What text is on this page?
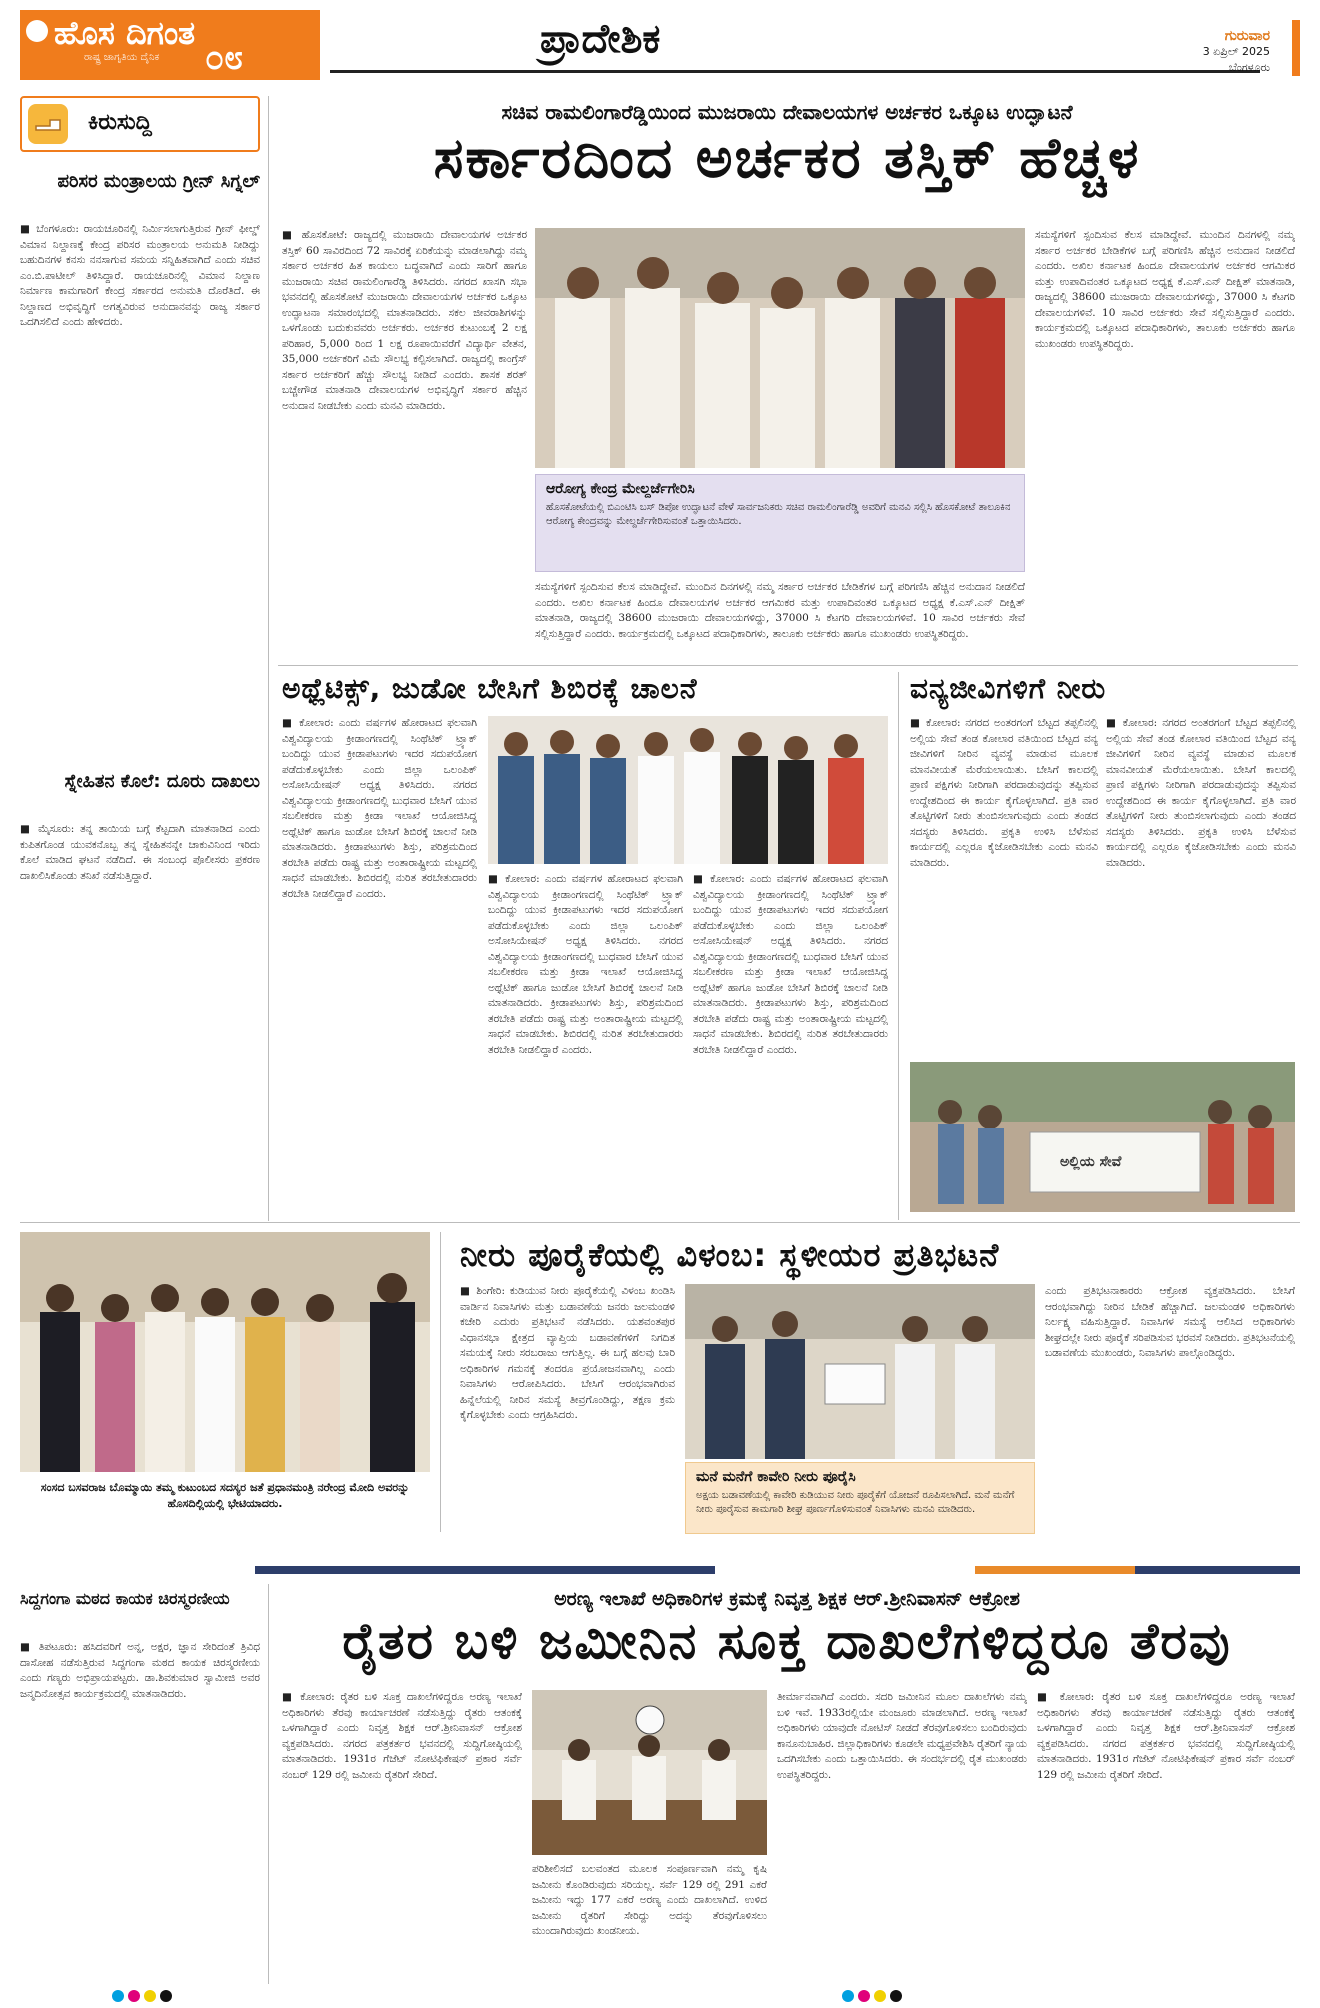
ಹೊಸ ದಿಗಂತ
ರಾಷ್ಟ್ರ ಜಾಗೃತಿಯ ದೈನಿಕ ೦೮	ಪ್ರಾದೇಶಿಕ	ಗುರುವಾರ
3 ಏಪ್ರಿಲ್ 2025
ಬೆಂಗಳೂರು
ಕಿರುಸುದ್ದಿ
ಪರಿಸರ ಮಂತ್ರಾಲಯ ಗ್ರೀನ್ ಸಿಗ್ನಲ್
■ ಬೆಂಗಳೂರು: ರಾಯಚೂರಿನಲ್ಲಿ ನಿರ್ಮಿಸಲಾಗುತ್ತಿರುವ ಗ್ರೀನ್ ಫೀಲ್ಡ್ ವಿಮಾನ ನಿಲ್ದಾಣಕ್ಕೆ ಕೇಂದ್ರ ಪರಿಸರ ಮಂತ್ರಾಲಯ ಅನುಮತಿ ನೀಡಿದ್ದು ಬಹುದಿನಗಳ ಕನಸು ನನಸಾಗುವ ಸಮಯ ಸನ್ನಿಹಿತವಾಗಿದೆ ಎಂದು ಸಚಿವ ಎಂ.ಬಿ.ಪಾಟೀಲ್ ತಿಳಿಸಿದ್ದಾರೆ. ರಾಯಚೂರಿನಲ್ಲಿ ವಿಮಾನ ನಿಲ್ದಾಣ ನಿರ್ಮಾಣ ಕಾಮಗಾರಿಗೆ ಕೇಂದ್ರ ಸರ್ಕಾರದ ಅನುಮತಿ ದೊರೆತಿದೆ. ಈ ನಿಲ್ದಾಣದ ಅಭಿವೃದ್ಧಿಗೆ ಅಗತ್ಯವಿರುವ ಅನುದಾನವನ್ನು ರಾಜ್ಯ ಸರ್ಕಾರ ಒದಗಿಸಲಿದೆ ಎಂದು ಹೇಳಿದರು.
ಸ್ನೇಹಿತನ ಕೊಲೆ: ದೂರು ದಾಖಲು
■ ಮೈಸೂರು: ತನ್ನ ತಾಯಿಯ ಬಗ್ಗೆ ಕೆಟ್ಟದಾಗಿ ಮಾತನಾಡಿದ ಎಂದು ಕುಪಿತಗೊಂಡ ಯುವಕನೊಬ್ಬ ತನ್ನ ಸ್ನೇಹಿತನನ್ನೇ ಚಾಕುವಿನಿಂದ ಇರಿದು ಕೊಲೆ ಮಾಡಿದ ಘಟನೆ ನಡೆದಿದೆ. ಈ ಸಂಬಂಧ ಪೊಲೀಸರು ಪ್ರಕರಣ ದಾಖಲಿಸಿಕೊಂಡು ತನಿಖೆ ನಡೆಸುತ್ತಿದ್ದಾರೆ.
ಸಚಿವ ರಾಮಲಿಂಗಾರೆಡ್ಡಿಯಿಂದ ಮುಜರಾಯಿ ದೇವಾಲಯಗಳ ಅರ್ಚಕರ ಒಕ್ಕೂಟ ಉದ್ಘಾಟನೆ
ಸರ್ಕಾರದಿಂದ ಅರ್ಚಕರ ತಸ್ತಿಕ್ ಹೆಚ್ಚಳ
■ ಹೊಸಕೋಟೆ: ರಾಜ್ಯದಲ್ಲಿ ಮುಜರಾಯಿ ದೇವಾಲಯಗಳ ಅರ್ಚಕರ ತಸ್ತಿಕ್ 60 ಸಾವಿರದಿಂದ 72 ಸಾವಿರಕ್ಕೆ ಏರಿಕೆಯನ್ನು ಮಾಡಲಾಗಿದ್ದು ನಮ್ಮ ಸರ್ಕಾರ ಅರ್ಚಕರ ಹಿತ ಕಾಯಲು ಬದ್ಧವಾಗಿದೆ ಎಂದು ಸಾರಿಗೆ ಹಾಗೂ ಮುಜರಾಯಿ ಸಚಿವ ರಾಮಲಿಂಗಾರೆಡ್ಡಿ ತಿಳಿಸಿದರು. ನಗರದ ಖಾಸಗಿ ಸಭಾ ಭವನದಲ್ಲಿ ಹೊಸಕೋಟೆ ಮುಜರಾಯಿ ದೇವಾಲಯಗಳ ಅರ್ಚಕರ ಒಕ್ಕೂಟ ಉದ್ಘಾಟನಾ ಸಮಾರಂಭದಲ್ಲಿ ಮಾತನಾಡಿದರು. ಸಕಲ ಜೀವರಾಶಿಗಳನ್ನು ಒಳಗೊಂಡು ಬದುಕುವವರು ಅರ್ಚಕರು. ಅರ್ಚಕರ ಕುಟುಂಬಕ್ಕೆ 2 ಲಕ್ಷ ಪರಿಹಾರ, 5,000 ರಿಂದ 1 ಲಕ್ಷ ರೂಪಾಯಿವರೆಗೆ ವಿದ್ಯಾರ್ಥಿ ವೇತನ, 35,000 ಅರ್ಚಕರಿಗೆ ವಿಮೆ ಸೌಲಭ್ಯ ಕಲ್ಪಿಸಲಾಗಿದೆ. ರಾಜ್ಯದಲ್ಲಿ ಕಾಂಗ್ರೆಸ್ ಸರ್ಕಾರ ಅರ್ಚಕರಿಗೆ ಹೆಚ್ಚು ಸೌಲಭ್ಯ ನೀಡಿದೆ ಎಂದರು. ಶಾಸಕ ಶರತ್ ಬಚ್ಚೇಗೌಡ ಮಾತನಾಡಿ ದೇವಾಲಯಗಳ ಅಭಿವೃದ್ಧಿಗೆ ಸರ್ಕಾರ ಹೆಚ್ಚಿನ ಅನುದಾನ ನೀಡಬೇಕು ಎಂದು ಮನವಿ ಮಾಡಿದರು.
ಆರೋಗ್ಯ ಕೇಂದ್ರ ಮೇಲ್ದರ್ಜೆಗೇರಿಸಿ
ಹೊಸಕೋಟೆಯಲ್ಲಿ ಬಿಎಂಟಿಸಿ ಬಸ್ ಡಿಪೋ ಉದ್ಘಾಟನೆ ವೇಳೆ ಸಾರ್ವಜನಿಕರು ಸಚಿವ ರಾಮಲಿಂಗಾರೆಡ್ಡಿ ಅವರಿಗೆ ಮನವಿ ಸಲ್ಲಿಸಿ ಹೊಸಕೋಟೆ ತಾಲೂಕಿನ ಆರೋಗ್ಯ ಕೇಂದ್ರವನ್ನು ಮೇಲ್ದರ್ಜೆಗೇರಿಸುವಂತೆ ಒತ್ತಾಯಿಸಿದರು.
ಸಮಸ್ಯೆಗಳಿಗೆ ಸ್ಪಂದಿಸುವ ಕೆಲಸ ಮಾಡಿದ್ದೇವೆ. ಮುಂದಿನ ದಿನಗಳಲ್ಲಿ ನಮ್ಮ ಸರ್ಕಾರ ಅರ್ಚಕರ ಬೇಡಿಕೆಗಳ ಬಗ್ಗೆ ಪರಿಗಣಿಸಿ ಹೆಚ್ಚಿನ ಅನುದಾನ ನೀಡಲಿದೆ ಎಂದರು. ಅಖಿಲ ಕರ್ನಾಟಕ ಹಿಂದೂ ದೇವಾಲಯಗಳ ಅರ್ಚಕರ ಆಗಮಿಕರ ಮತ್ತು ಉಪಾದಿವಂತರ ಒಕ್ಕೂಟದ ಅಧ್ಯಕ್ಷ ಕೆ.ಎಸ್.ಎನ್ ದೀಕ್ಷಿತ್ ಮಾತನಾಡಿ, ರಾಜ್ಯದಲ್ಲಿ 38600 ಮುಜರಾಯಿ ದೇವಾಲಯಗಳಿದ್ದು, 37000 ಸಿ ಕೆಟಗರಿ ದೇವಾಲಯಗಳಿವೆ. 10 ಸಾವಿರ ಅರ್ಚಕರು ಸೇವೆ ಸಲ್ಲಿಸುತ್ತಿದ್ದಾರೆ ಎಂದರು. ಕಾರ್ಯಕ್ರಮದಲ್ಲಿ ಒಕ್ಕೂಟದ ಪದಾಧಿಕಾರಿಗಳು, ತಾಲೂಕು ಅರ್ಚಕರು ಹಾಗೂ ಮುಖಂಡರು ಉಪಸ್ಥಿತರಿದ್ದರು.
ಸಮಸ್ಯೆಗಳಿಗೆ ಸ್ಪಂದಿಸುವ ಕೆಲಸ ಮಾಡಿದ್ದೇವೆ. ಮುಂದಿನ ದಿನಗಳಲ್ಲಿ ನಮ್ಮ ಸರ್ಕಾರ ಅರ್ಚಕರ ಬೇಡಿಕೆಗಳ ಬಗ್ಗೆ ಪರಿಗಣಿಸಿ ಹೆಚ್ಚಿನ ಅನುದಾನ ನೀಡಲಿದೆ ಎಂದರು. ಅಖಿಲ ಕರ್ನಾಟಕ ಹಿಂದೂ ದೇವಾಲಯಗಳ ಅರ್ಚಕರ ಆಗಮಿಕರ ಮತ್ತು ಉಪಾದಿವಂತರ ಒಕ್ಕೂಟದ ಅಧ್ಯಕ್ಷ ಕೆ.ಎಸ್.ಎನ್ ದೀಕ್ಷಿತ್ ಮಾತನಾಡಿ, ರಾಜ್ಯದಲ್ಲಿ 38600 ಮುಜರಾಯಿ ದೇವಾಲಯಗಳಿದ್ದು, 37000 ಸಿ ಕೆಟಗರಿ ದೇವಾಲಯಗಳಿವೆ. 10 ಸಾವಿರ ಅರ್ಚಕರು ಸೇವೆ ಸಲ್ಲಿಸುತ್ತಿದ್ದಾರೆ ಎಂದರು. ಕಾರ್ಯಕ್ರಮದಲ್ಲಿ ಒಕ್ಕೂಟದ ಪದಾಧಿಕಾರಿಗಳು, ತಾಲೂಕು ಅರ್ಚಕರು ಹಾಗೂ ಮುಖಂಡರು ಉಪಸ್ಥಿತರಿದ್ದರು.
ಅಥ್ಲೆಟಿಕ್ಸ್, ಜುಡೋ ಬೇಸಿಗೆ ಶಿಬಿರಕ್ಕೆ ಚಾಲನೆ
■ ಕೋಲಾರ: ಎಂದು ವರ್ಷಗಳ ಹೋರಾಟದ ಫಲವಾಗಿ ವಿಶ್ವವಿದ್ಯಾಲಯ ಕ್ರೀಡಾಂಗಣದಲ್ಲಿ ಸಿಂಥೆಟಿಕ್ ಟ್ರ್ಯಾಕ್ ಬಂದಿದ್ದು ಯುವ ಕ್ರೀಡಾಪಟುಗಳು ಇದರ ಸದುಪಯೋಗ ಪಡೆದುಕೊಳ್ಳಬೇಕು ಎಂದು ಜಿಲ್ಲಾ ಒಲಂಪಿಕ್ ಅಸೋಸಿಯೇಷನ್ ಅಧ್ಯಕ್ಷ ತಿಳಿಸಿದರು. ನಗರದ ವಿಶ್ವವಿದ್ಯಾಲಯ ಕ್ರೀಡಾಂಗಣದಲ್ಲಿ ಬುಧವಾರ ಬೇಸಿಗೆ ಯುವ ಸಬಲೀಕರಣ ಮತ್ತು ಕ್ರೀಡಾ ಇಲಾಖೆ ಆಯೋಜಿಸಿದ್ದ ಅಥ್ಲೆಟಿಕ್ ಹಾಗೂ ಜುಡೋ ಬೇಸಿಗೆ ಶಿಬಿರಕ್ಕೆ ಚಾಲನೆ ನೀಡಿ ಮಾತನಾಡಿದರು. ಕ್ರೀಡಾಪಟುಗಳು ಶಿಸ್ತು, ಪರಿಶ್ರಮದಿಂದ ತರಬೇತಿ ಪಡೆದು ರಾಷ್ಟ್ರ ಮತ್ತು ಅಂತಾರಾಷ್ಟ್ರೀಯ ಮಟ್ಟದಲ್ಲಿ ಸಾಧನೆ ಮಾಡಬೇಕು. ಶಿಬಿರದಲ್ಲಿ ನುರಿತ ತರಬೇತುದಾರರು ತರಬೇತಿ ನೀಡಲಿದ್ದಾರೆ ಎಂದರು.
■ ಕೋಲಾರ: ಎಂದು ವರ್ಷಗಳ ಹೋರಾಟದ ಫಲವಾಗಿ ವಿಶ್ವವಿದ್ಯಾಲಯ ಕ್ರೀಡಾಂಗಣದಲ್ಲಿ ಸಿಂಥೆಟಿಕ್ ಟ್ರ್ಯಾಕ್ ಬಂದಿದ್ದು ಯುವ ಕ್ರೀಡಾಪಟುಗಳು ಇದರ ಸದುಪಯೋಗ ಪಡೆದುಕೊಳ್ಳಬೇಕು ಎಂದು ಜಿಲ್ಲಾ ಒಲಂಪಿಕ್ ಅಸೋಸಿಯೇಷನ್ ಅಧ್ಯಕ್ಷ ತಿಳಿಸಿದರು. ನಗರದ ವಿಶ್ವವಿದ್ಯಾಲಯ ಕ್ರೀಡಾಂಗಣದಲ್ಲಿ ಬುಧವಾರ ಬೇಸಿಗೆ ಯುವ ಸಬಲೀಕರಣ ಮತ್ತು ಕ್ರೀಡಾ ಇಲಾಖೆ ಆಯೋಜಿಸಿದ್ದ ಅಥ್ಲೆಟಿಕ್ ಹಾಗೂ ಜುಡೋ ಬೇಸಿಗೆ ಶಿಬಿರಕ್ಕೆ ಚಾಲನೆ ನೀಡಿ ಮಾತನಾಡಿದರು. ಕ್ರೀಡಾಪಟುಗಳು ಶಿಸ್ತು, ಪರಿಶ್ರಮದಿಂದ ತರಬೇತಿ ಪಡೆದು ರಾಷ್ಟ್ರ ಮತ್ತು ಅಂತಾರಾಷ್ಟ್ರೀಯ ಮಟ್ಟದಲ್ಲಿ ಸಾಧನೆ ಮಾಡಬೇಕು. ಶಿಬಿರದಲ್ಲಿ ನುರಿತ ತರಬೇತುದಾರರು ತರಬೇತಿ ನೀಡಲಿದ್ದಾರೆ ಎಂದರು.
■ ಕೋಲಾರ: ಎಂದು ವರ್ಷಗಳ ಹೋರಾಟದ ಫಲವಾಗಿ ವಿಶ್ವವಿದ್ಯಾಲಯ ಕ್ರೀಡಾಂಗಣದಲ್ಲಿ ಸಿಂಥೆಟಿಕ್ ಟ್ರ್ಯಾಕ್ ಬಂದಿದ್ದು ಯುವ ಕ್ರೀಡಾಪಟುಗಳು ಇದರ ಸದುಪಯೋಗ ಪಡೆದುಕೊಳ್ಳಬೇಕು ಎಂದು ಜಿಲ್ಲಾ ಒಲಂಪಿಕ್ ಅಸೋಸಿಯೇಷನ್ ಅಧ್ಯಕ್ಷ ತಿಳಿಸಿದರು. ನಗರದ ವಿಶ್ವವಿದ್ಯಾಲಯ ಕ್ರೀಡಾಂಗಣದಲ್ಲಿ ಬುಧವಾರ ಬೇಸಿಗೆ ಯುವ ಸಬಲೀಕರಣ ಮತ್ತು ಕ್ರೀಡಾ ಇಲಾಖೆ ಆಯೋಜಿಸಿದ್ದ ಅಥ್ಲೆಟಿಕ್ ಹಾಗೂ ಜುಡೋ ಬೇಸಿಗೆ ಶಿಬಿರಕ್ಕೆ ಚಾಲನೆ ನೀಡಿ ಮಾತನಾಡಿದರು. ಕ್ರೀಡಾಪಟುಗಳು ಶಿಸ್ತು, ಪರಿಶ್ರಮದಿಂದ ತರಬೇತಿ ಪಡೆದು ರಾಷ್ಟ್ರ ಮತ್ತು ಅಂತಾರಾಷ್ಟ್ರೀಯ ಮಟ್ಟದಲ್ಲಿ ಸಾಧನೆ ಮಾಡಬೇಕು. ಶಿಬಿರದಲ್ಲಿ ನುರಿತ ತರಬೇತುದಾರರು ತರಬೇತಿ ನೀಡಲಿದ್ದಾರೆ ಎಂದರು.
ವನ್ಯಜೀವಿಗಳಿಗೆ ನೀರು
■ ಕೋಲಾರ: ನಗರದ ಅಂತರಗಂಗೆ ಬೆಟ್ಟದ ತಪ್ಪಲಿನಲ್ಲಿ ಅಲ್ಲಿಯ ಸೇವೆ ತಂಡ ಕೋಲಾರ ವತಿಯಿಂದ ಬೆಟ್ಟದ ವನ್ಯ ಜೀವಿಗಳಿಗೆ ನೀರಿನ ವ್ಯವಸ್ಥೆ ಮಾಡುವ ಮೂಲಕ ಮಾನವೀಯತೆ ಮೆರೆಯಲಾಯಿತು. ಬೇಸಿಗೆ ಕಾಲದಲ್ಲಿ ಪ್ರಾಣಿ ಪಕ್ಷಿಗಳು ನೀರಿಗಾಗಿ ಪರದಾಡುವುದನ್ನು ತಪ್ಪಿಸುವ ಉದ್ದೇಶದಿಂದ ಈ ಕಾರ್ಯ ಕೈಗೊಳ್ಳಲಾಗಿದೆ. ಪ್ರತಿ ವಾರ ತೊಟ್ಟಿಗಳಿಗೆ ನೀರು ತುಂಬಿಸಲಾಗುವುದು ಎಂದು ತಂಡದ ಸದಸ್ಯರು ತಿಳಿಸಿದರು. ಪ್ರಕೃತಿ ಉಳಿಸಿ ಬೆಳೆಸುವ ಕಾರ್ಯದಲ್ಲಿ ಎಲ್ಲರೂ ಕೈಜೋಡಿಸಬೇಕು ಎಂದು ಮನವಿ ಮಾಡಿದರು.
■ ಕೋಲಾರ: ನಗರದ ಅಂತರಗಂಗೆ ಬೆಟ್ಟದ ತಪ್ಪಲಿನಲ್ಲಿ ಅಲ್ಲಿಯ ಸೇವೆ ತಂಡ ಕೋಲಾರ ವತಿಯಿಂದ ಬೆಟ್ಟದ ವನ್ಯ ಜೀವಿಗಳಿಗೆ ನೀರಿನ ವ್ಯವಸ್ಥೆ ಮಾಡುವ ಮೂಲಕ ಮಾನವೀಯತೆ ಮೆರೆಯಲಾಯಿತು. ಬೇಸಿಗೆ ಕಾಲದಲ್ಲಿ ಪ್ರಾಣಿ ಪಕ್ಷಿಗಳು ನೀರಿಗಾಗಿ ಪರದಾಡುವುದನ್ನು ತಪ್ಪಿಸುವ ಉದ್ದೇಶದಿಂದ ಈ ಕಾರ್ಯ ಕೈಗೊಳ್ಳಲಾಗಿದೆ. ಪ್ರತಿ ವಾರ ತೊಟ್ಟಿಗಳಿಗೆ ನೀರು ತುಂಬಿಸಲಾಗುವುದು ಎಂದು ತಂಡದ ಸದಸ್ಯರು ತಿಳಿಸಿದರು. ಪ್ರಕೃತಿ ಉಳಿಸಿ ಬೆಳೆಸುವ ಕಾರ್ಯದಲ್ಲಿ ಎಲ್ಲರೂ ಕೈಜೋಡಿಸಬೇಕು ಎಂದು ಮನವಿ ಮಾಡಿದರು.
ಅಲ್ಲಿಯ ಸೇವೆ
ಸಂಸದ ಬಸವರಾಜ ಬೊಮ್ಮಾಯಿ ತಮ್ಮ ಕುಟುಂಬದ ಸದಸ್ಯರ ಜತೆ ಪ್ರಧಾನಮಂತ್ರಿ ನರೇಂದ್ರ ಮೋದಿ ಅವರನ್ನು ಹೊಸದಿಲ್ಲಿಯಲ್ಲಿ ಭೇಟಿಯಾದರು.
ನೀರು ಪೂರೈಕೆಯಲ್ಲಿ ವಿಳಂಬ: ಸ್ಥಳೀಯರ ಪ್ರತಿಭಟನೆ
■ ಶಿಂಗೇರಿ: ಕುಡಿಯುವ ನೀರು ಪೂರೈಕೆಯಲ್ಲಿ ವಿಳಂಬ ಖಂಡಿಸಿ ವಾರ್ಡಿನ ನಿವಾಸಿಗಳು ಮತ್ತು ಬಡಾವಣೆಯ ಜನರು ಜಲಮಂಡಳಿ ಕಚೇರಿ ಎದುರು ಪ್ರತಿಭಟನೆ ನಡೆಸಿದರು. ಯಶವಂತಪುರ ವಿಧಾನಸಭಾ ಕ್ಷೇತ್ರದ ವ್ಯಾಪ್ತಿಯ ಬಡಾವಣೆಗಳಿಗೆ ನಿಗದಿತ ಸಮಯಕ್ಕೆ ನೀರು ಸರಬರಾಜು ಆಗುತ್ತಿಲ್ಲ. ಈ ಬಗ್ಗೆ ಹಲವು ಬಾರಿ ಅಧಿಕಾರಿಗಳ ಗಮನಕ್ಕೆ ತಂದರೂ ಪ್ರಯೋಜನವಾಗಿಲ್ಲ ಎಂದು ನಿವಾಸಿಗಳು ಆರೋಪಿಸಿದರು. ಬೇಸಿಗೆ ಆರಂಭವಾಗಿರುವ ಹಿನ್ನೆಲೆಯಲ್ಲಿ ನೀರಿನ ಸಮಸ್ಯೆ ತೀವ್ರಗೊಂಡಿದ್ದು, ತಕ್ಷಣ ಕ್ರಮ ಕೈಗೊಳ್ಳಬೇಕು ಎಂದು ಆಗ್ರಹಿಸಿದರು.
ಮನೆ ಮನೆಗೆ ಕಾವೇರಿ ನೀರು ಪೂರೈಸಿ
ಅಕ್ಷಯ ಬಡಾವಣೆಯಲ್ಲಿ ಕಾವೇರಿ ಕುಡಿಯುವ ನೀರು ಪೂರೈಕೆಗೆ ಯೋಜನೆ ರೂಪಿಸಲಾಗಿದೆ. ಮನೆ ಮನೆಗೆ ನೀರು ಪೂರೈಸುವ ಕಾಮಗಾರಿ ಶೀಘ್ರ ಪೂರ್ಣಗೊಳಿಸುವಂತೆ ನಿವಾಸಿಗಳು ಮನವಿ ಮಾಡಿದರು.
ಎಂದು ಪ್ರತಿಭಟನಾಕಾರರು ಆಕ್ರೋಶ ವ್ಯಕ್ತಪಡಿಸಿದರು. ಬೇಸಿಗೆ ಆರಂಭವಾಗಿದ್ದು ನೀರಿನ ಬೇಡಿಕೆ ಹೆಚ್ಚಾಗಿದೆ. ಜಲಮಂಡಳಿ ಅಧಿಕಾರಿಗಳು ನಿರ್ಲಕ್ಷ್ಯ ವಹಿಸುತ್ತಿದ್ದಾರೆ. ನಿವಾಸಿಗಳ ಸಮಸ್ಯೆ ಆಲಿಸಿದ ಅಧಿಕಾರಿಗಳು ಶೀಘ್ರದಲ್ಲೇ ನೀರು ಪೂರೈಕೆ ಸರಿಪಡಿಸುವ ಭರವಸೆ ನೀಡಿದರು. ಪ್ರತಿಭಟನೆಯಲ್ಲಿ ಬಡಾವಣೆಯ ಮುಖಂಡರು, ನಿವಾಸಿಗಳು ಪಾಲ್ಗೊಂಡಿದ್ದರು.
ಸಿದ್ದಗಂಗಾ ಮಠದ ಕಾಯಕ ಚಿರಸ್ಮರಣೀಯ
■ ತಿಪಟೂರು: ಹಸಿದವರಿಗೆ ಅನ್ನ, ಅಕ್ಷರ, ಜ್ಞಾನ ಸೇರಿದಂತೆ ತ್ರಿವಿಧ ದಾಸೋಹ ನಡೆಸುತ್ತಿರುವ ಸಿದ್ದಗಂಗಾ ಮಠದ ಕಾಯಕ ಚಿರಸ್ಮರಣೀಯ ಎಂದು ಗಣ್ಯರು ಅಭಿಪ್ರಾಯಪಟ್ಟರು. ಡಾ.ಶಿವಕುಮಾರ ಸ್ವಾಮೀಜಿ ಅವರ ಜನ್ಮದಿನೋತ್ಸವ ಕಾರ್ಯಕ್ರಮದಲ್ಲಿ ಮಾತನಾಡಿದರು.
ಅರಣ್ಯ ಇಲಾಖೆ ಅಧಿಕಾರಿಗಳ ಕ್ರಮಕ್ಕೆ ನಿವೃತ್ತ ಶಿಕ್ಷಕ ಆರ್.ಶ್ರೀನಿವಾಸನ್ ಆಕ್ರೋಶ
ರೈತರ ಬಳಿ ಜಮೀನಿನ ಸೂಕ್ತ ದಾಖಲೆಗಳಿದ್ದರೂ ತೆರವು
■ ಕೋಲಾರ: ರೈತರ ಬಳಿ ಸೂಕ್ತ ದಾಖಲೆಗಳಿದ್ದರೂ ಅರಣ್ಯ ಇಲಾಖೆ ಅಧಿಕಾರಿಗಳು ತೆರವು ಕಾರ್ಯಾಚರಣೆ ನಡೆಸುತ್ತಿದ್ದು ರೈತರು ಆತಂಕಕ್ಕೆ ಒಳಗಾಗಿದ್ದಾರೆ ಎಂದು ನಿವೃತ್ತ ಶಿಕ್ಷಕ ಆರ್.ಶ್ರೀನಿವಾಸನ್ ಆಕ್ರೋಶ ವ್ಯಕ್ತಪಡಿಸಿದರು. ನಗರದ ಪತ್ರಕರ್ತರ ಭವನದಲ್ಲಿ ಸುದ್ದಿಗೋಷ್ಠಿಯಲ್ಲಿ ಮಾತನಾಡಿದರು. 1931ರ ಗೆಜೆಟ್ ನೋಟಿಫಿಕೇಷನ್ ಪ್ರಕಾರ ಸರ್ವೆ ನಂಬರ್ 129 ರಲ್ಲಿ ಜಮೀನು ರೈತರಿಗೆ ಸೇರಿದೆ.
ಪರಿಶೀಲಿಸದೆ ಬಲವಂತದ ಮೂಲಕ ಸಂಪೂರ್ಣವಾಗಿ ನಮ್ಮ ಕೃಷಿ ಜಮೀನು ಕೊಂಡಿರುವುದು ಸರಿಯಲ್ಲ. ಸರ್ವೆ 129 ರಲ್ಲಿ 291 ಎಕರೆ ಜಮೀನು ಇದ್ದು 177 ಎಕರೆ ಅರಣ್ಯ ಎಂದು ದಾಖಲಾಗಿದೆ. ಉಳಿದ ಜಮೀನು ರೈತರಿಗೆ ಸೇರಿದ್ದು ಅದನ್ನು ತೆರವುಗೊಳಿಸಲು ಮುಂದಾಗಿರುವುದು ಖಂಡನೀಯ.
ತೀರ್ಮಾನವಾಗಿದೆ ಎಂದರು. ಸದರಿ ಜಮೀನಿನ ಮೂಲ ದಾಖಲೆಗಳು ನಮ್ಮ ಬಳಿ ಇವೆ. 1933ರಲ್ಲಿಯೇ ಮಂಜೂರು ಮಾಡಲಾಗಿದೆ. ಅರಣ್ಯ ಇಲಾಖೆ ಅಧಿಕಾರಿಗಳು ಯಾವುದೇ ನೋಟಿಸ್ ನೀಡದೆ ತೆರವುಗೊಳಿಸಲು ಬಂದಿರುವುದು ಕಾನೂನುಬಾಹಿರ. ಜಿಲ್ಲಾಧಿಕಾರಿಗಳು ಕೂಡಲೇ ಮಧ್ಯಪ್ರವೇಶಿಸಿ ರೈತರಿಗೆ ನ್ಯಾಯ ಒದಗಿಸಬೇಕು ಎಂದು ಒತ್ತಾಯಿಸಿದರು. ಈ ಸಂದರ್ಭದಲ್ಲಿ ರೈತ ಮುಖಂಡರು ಉಪಸ್ಥಿತರಿದ್ದರು.
■ ಕೋಲಾರ: ರೈತರ ಬಳಿ ಸೂಕ್ತ ದಾಖಲೆಗಳಿದ್ದರೂ ಅರಣ್ಯ ಇಲಾಖೆ ಅಧಿಕಾರಿಗಳು ತೆರವು ಕಾರ್ಯಾಚರಣೆ ನಡೆಸುತ್ತಿದ್ದು ರೈತರು ಆತಂಕಕ್ಕೆ ಒಳಗಾಗಿದ್ದಾರೆ ಎಂದು ನಿವೃತ್ತ ಶಿಕ್ಷಕ ಆರ್.ಶ್ರೀನಿವಾಸನ್ ಆಕ್ರೋಶ ವ್ಯಕ್ತಪಡಿಸಿದರು. ನಗರದ ಪತ್ರಕರ್ತರ ಭವನದಲ್ಲಿ ಸುದ್ದಿಗೋಷ್ಠಿಯಲ್ಲಿ ಮಾತನಾಡಿದರು. 1931ರ ಗೆಜೆಟ್ ನೋಟಿಫಿಕೇಷನ್ ಪ್ರಕಾರ ಸರ್ವೆ ನಂಬರ್ 129 ರಲ್ಲಿ ಜಮೀನು ರೈತರಿಗೆ ಸೇರಿದೆ.
